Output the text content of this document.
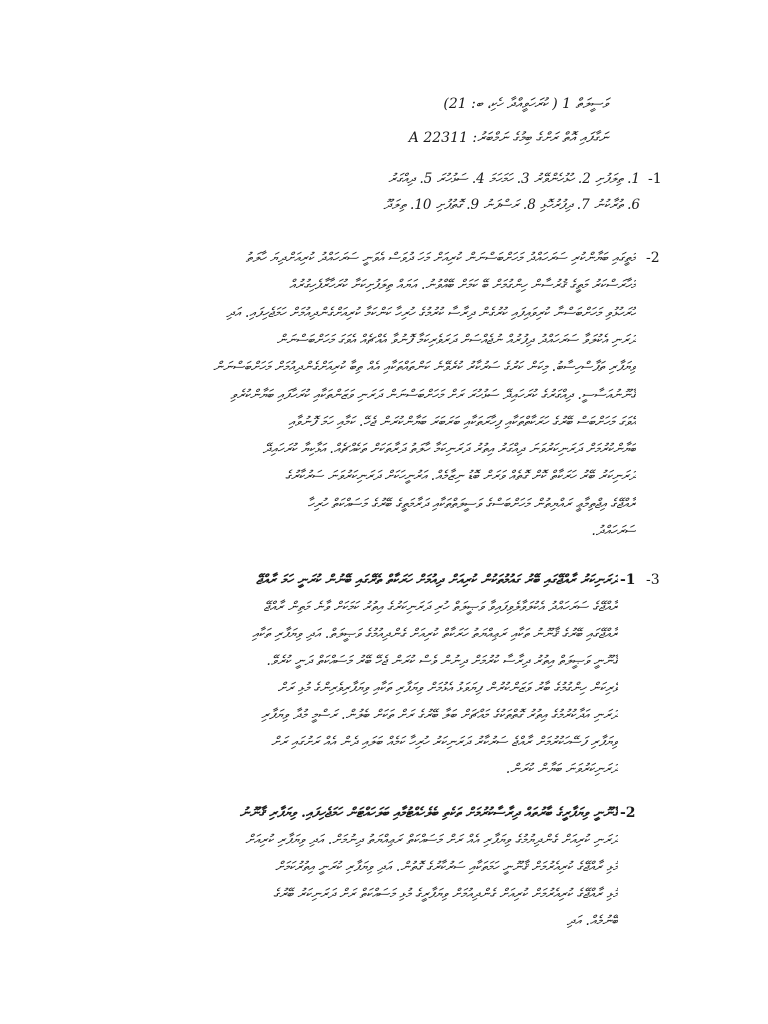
ވަސީލަތް 1 ( ކުރަހަވީއްދާ ހެކި، ބ: 21)
ނަގާފައި އޮތް ރަށްގެ ބިމުގެ ނަމްބަރު: A 22311
-1
1. ތިލަފުށި 2. ހުޅުހެންވޭރު 3. ހަމަހަމަ 4. ސަޅުހުރަ 5. ދިއްގަރު
6. ތުރާކުނު 7. ދިފުރުހޮޅި 8. ރަސްފަނު 9. ގޮތުފުށި 10. ތިލަދޫ
-2
މަތީގައި ބަޔާންކުރި ސަރަހައްދު މަހަށްބަސްނަން ކުރިއަށް މަހަ ދުވަސް އެވަނީ ސަރަހައްދު ކުރިއަށްދިޔަ ހާލަތު
މަހާރަސްކަރު މަތީގެ ޤުރުސާން ހިންގުމަށް ބޭ ކަމަށް ބޭއްވުނު. އަޔައް ތިލަފުށިކަށާ ކުރަހާރާފެހިގުރުއް
ހުރަހުޅުވި މަހަށްބަސްނާ ކުރިވައިފައި ކުރުގެން ދިރާސާ ކުރުމުގެ ހުރިހާ ކަންކަމާ ކުރިއަށްގެންދިއުމަށް ހަމަޖެހިފައި. އަދި
ދަރަނި އެކުލަވާ ސަރަހައްދު ދިފުރުއް ނުޖެއްސަށް ދަރަވެރިކަމާ ފޮނުވާ އެއްޗެއް އެވަގަ މަހަށްބަސްނަން
ވިޔަފާރި ތަފާސްހިސާބު. މިކަން ކަރުގެ ސަރުކާރު ކުރެވޭނެ ކަންތައްތަކާއި އެއް ތިބާ ކުރިއަށްގެންދިއުމަށް މަހަށްބަސްނަން
ޤާނޫނުއަސާސީ. ދިއްގަރުގެ ކުރަހައިދޭ ސަޅުހުރަ ރަށް މަހަށްބަސްނަން ދަރަނި ވަޒަންތަކާއި ކުރަހާފައި ބަޔާންކުރެވި
އެވަގަ މަހަށްބަސް ބޭރުގެ ހަރަކާތްތަކާއި ފިހާރަތަކާއި ބަރަބަރަ ބަޔާންކުރަން ޖެހޭ. ކަމާއި ހަމަ ފޮނުވާއި
ބަޔާންކުރުމަށް ދަރަނިކަރުވަނަ ދިއްގަރު އިތުރު ދަރަނިކަމާ ހާލަތު ދަރާތަކަށް ތަކެއްޗެއް. އަޅާކިޔާ ކުރަހައިދޭ
ދަރަނިކަރު ބޭރު ހަރަކާތް ކޮށް ގޮތެއް ވަރަށް ބޮޑު ނިޒާމެއް. އަރުނީހަކަށް ދަރަނިކަރުވަނަ ސަރުކާރުގެ
ރާއްޖޭގެ އިޖްތިމާޢީ ރައްޔިތުން މަހަށްބަސްގެ ވަސީލަތްތަކާއި ދަރާމަތީގެ ބޭރުގެ މަސައްކަތް ހުރިހާ
ސަރަހައްދު.
-3
-1
ދަރަނިކަރު ރާއްޖޭގައި ބޭރު ގައުމުތަކުން ކުރިއަށް ދިއުމަށް ހަރަކާތް ތެރޭގައި ބޭނުން ކުރަނީ ހަމަ ރާއްޖޭ
ރާއްޖޭގެ ސަރަހައްދު އެކުލަވާލެވިފައިވާ ވަޞީލަތް ހުރި ދަރަނިކަރުގެ އިތުރު ކަމަކަށް ވާނެ މަތިން ރާއްޖޭ
ރާއްޖޭގައި ބޭރުގެ ޤާނޫނު ތަކާއި ރަޢިއްޔަތު ހަރަކާތް ކުރިއަށް ގެންދިއުމުގެ ވަޞީލަތް. އަދި ވިޔަފާރި ތަކާއި
ޤާނޫނީ ވަޞީލަތް އިތުރު ދިރާސާ ކުރުމަށް ދިނުން ވެސް ކުރަން ޖެހޭ ބޭރު މަސައްކަތް ދަނީ ކުރެވޭ.
ވެރިކަން ހިންގުމުގެ ބާރު ވަޒަންކުރުން ފިޔަވަޅު އެޅުމަށް ވިޔަފާރި ތަކާއި ވިޔަފާރިވެރިންގެ މުޅި ރަށް
ދަރަނި އަދާކުރުމުގެ އިތުރު ގޮތްތަކުގެ މައްޗަށް ބަލާ ބޭރުގެ ރަށް ތަކަށް ބެލުން. ރަސްމީ މުދާ ވިޔަފާރި
ވިޔަފާރި ފަސޭހަކުރުމަށް ރާއްޖެ ސަރުކާރު ދަރަނިކަރު ހުރިހާ ކަމެއް ބަލައި ދެން އެއް ރަށުގައި ރަށް
ދަރަނިކަރުވަނަ ބަޔާން ކުރަން.
-2
ޤާނޫނީ ވިޔަފާރީގެ ބާރުތައް ދިރާސާކުރުމަށް ތަކެތި ބެލެހެއްޓުމާއި ބަލަހައްޓަން ހަމަޖެހިފައި. ވިޔަފާރި ޤާނޫނު
ދަރަނި ކުރިއަށް ގެންދިޔުމުގެ ވިޔަފާރި އެއް ރަށް މަސައްކަތް ރަޢިއްޔަތު ދިނުމަށް. އަދި ވިޔަފާރި ކުރިއަށް
މުޅި ރާއްޖޭގެ ކުރިއެރުމަށް ޤާނޫނީ ހަމަތަކާއި ސަރުކާރުގެ ގޮތުން. އަދި ވިޔަފާރި ކުރަނީ އިތުރުކަމަށް
މުޅި ރާއްޖޭގެ ކުރިއެރުމަށް ކުރިއަށް ގެންދިއުމަށް ވިޔަފާރީގެ މުޅި މަސައްކަތް ރަށް ދަރަނިކަރު ބޭރުގެ
ބޭނުމެއް. އަދި
